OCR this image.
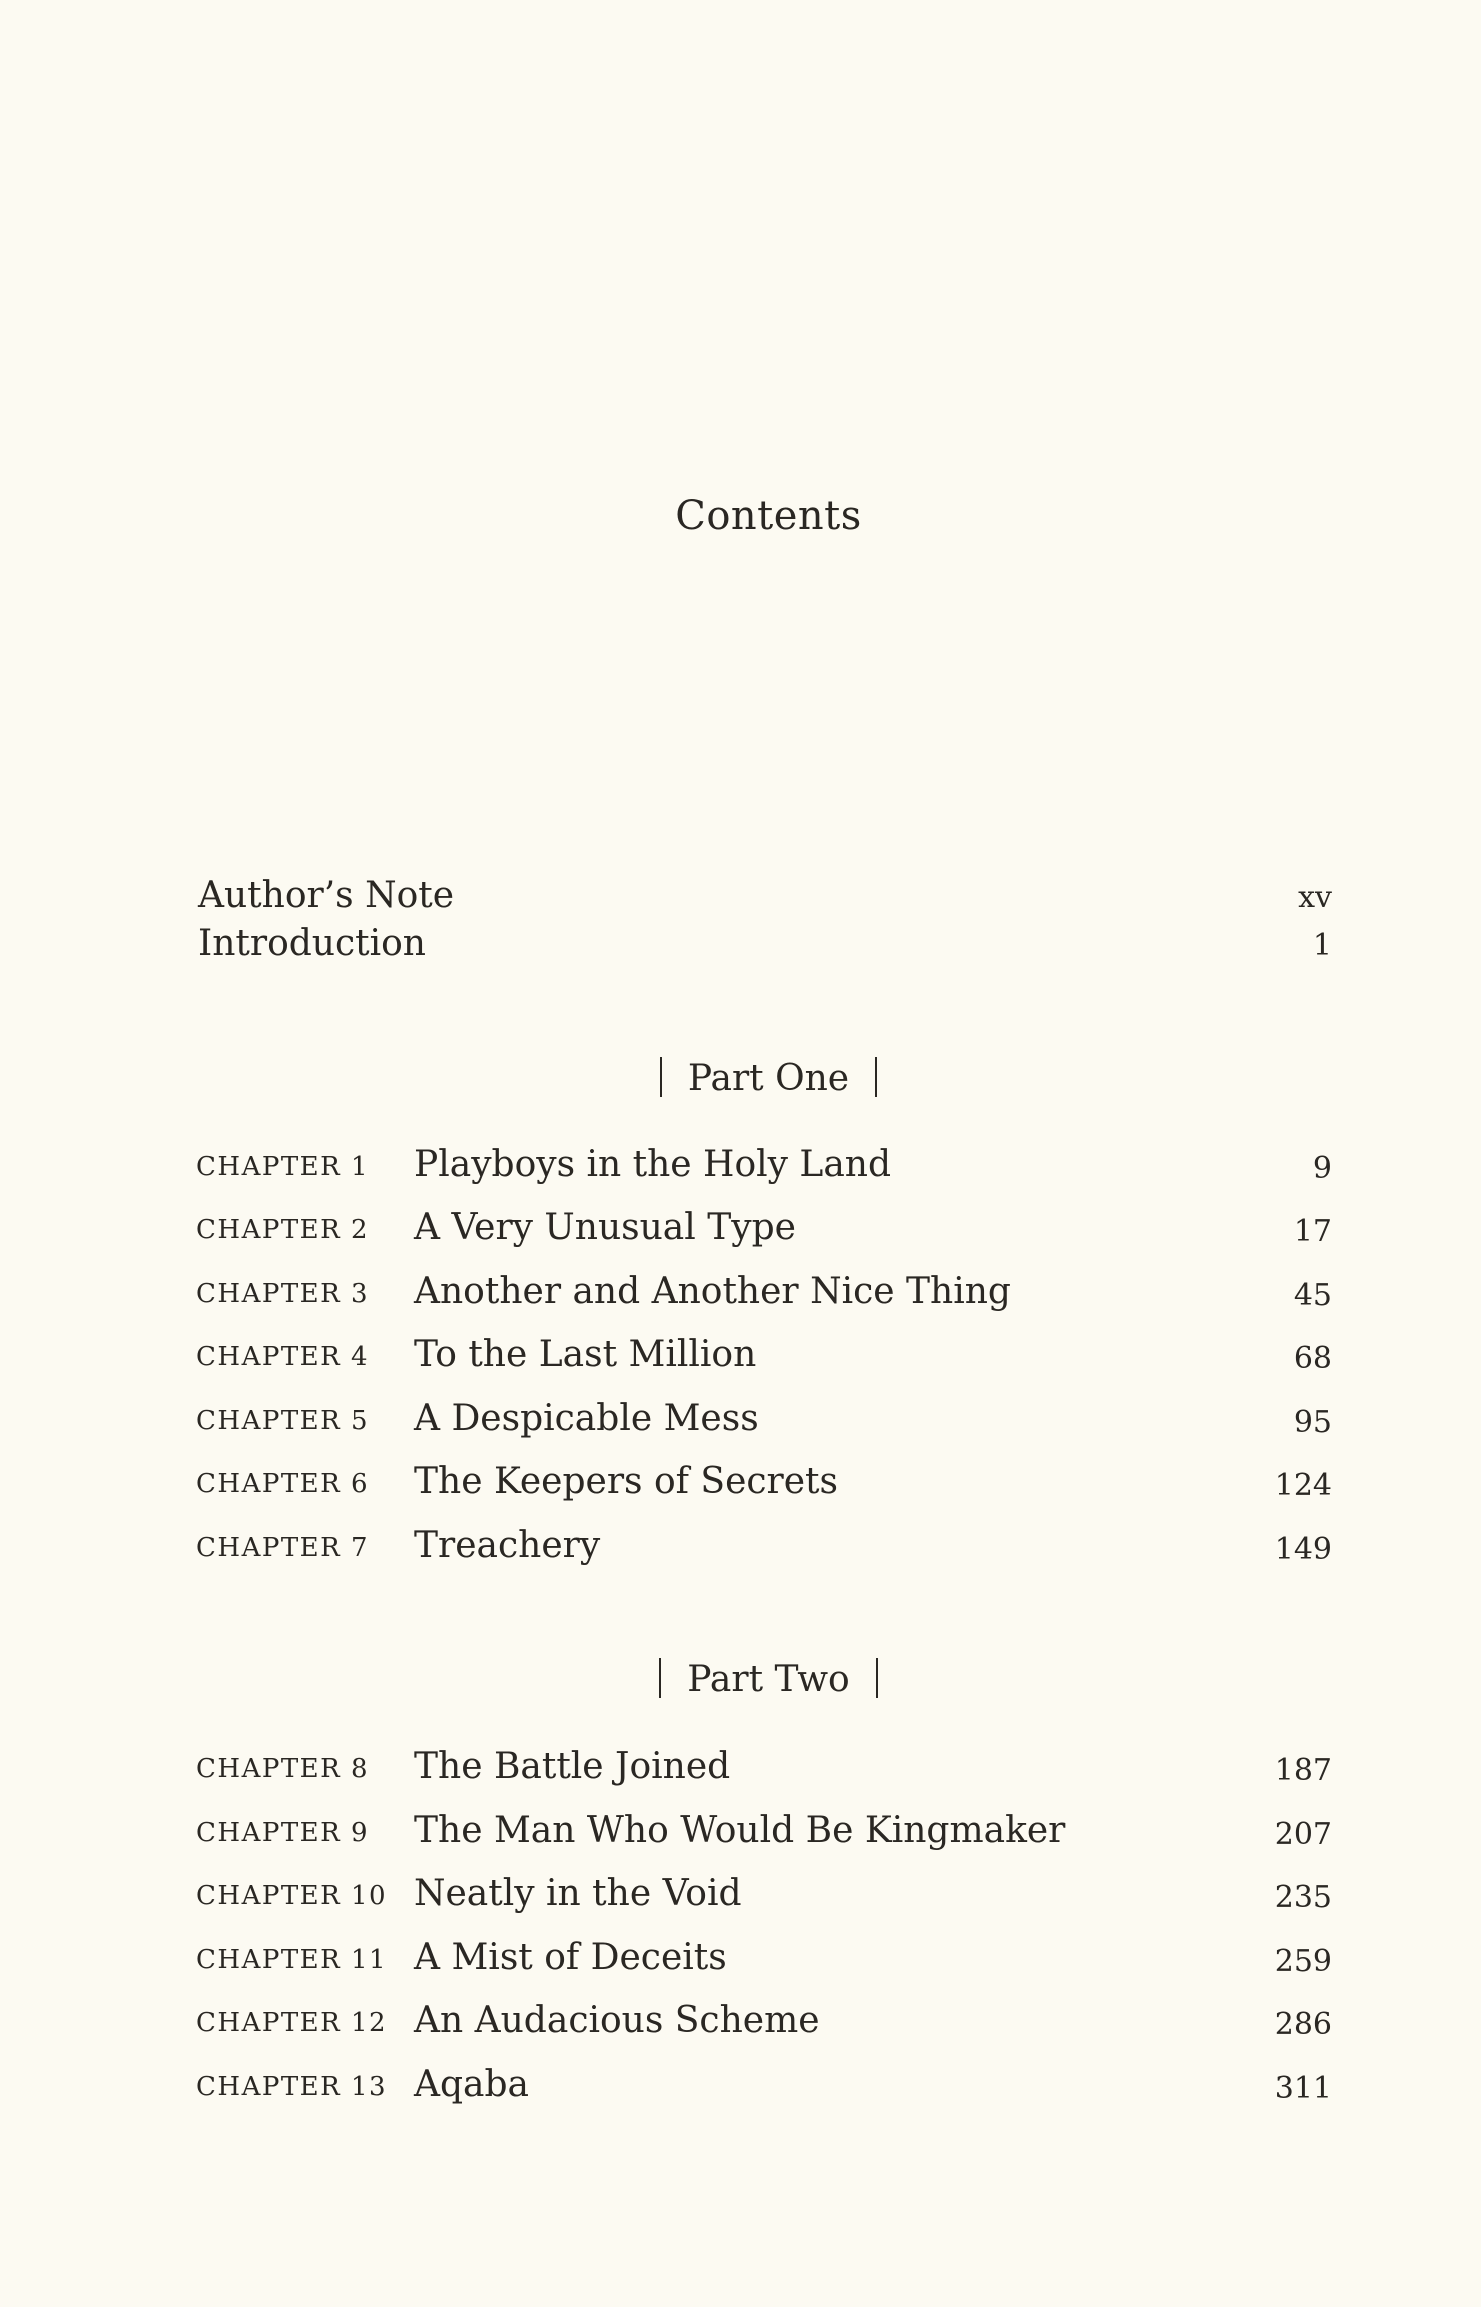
Contents
Author’s Note	xv
Introduction	1
Part One
CHAPTER 1 Playboys in the Holy Land	9
CHAPTER 2 A Very Unusual Type	17
CHAPTER 3 Another and Another Nice Thing	45
CHAPTER 4 To the Last Million	68
CHAPTER 5 A Despicable Mess	95
CHAPTER 6 The Keepers of Secrets	124
CHAPTER 7 Treachery	149
Part Two
CHAPTER 8 The Battle Joined	187
CHAPTER 9 The Man Who Would Be Kingmaker	207
CHAPTER 10 Neatly in the Void	235
CHAPTER 11 A Mist of Deceits	259
CHAPTER 12 An Audacious Scheme	286
CHAPTER 13 Aqaba	311
